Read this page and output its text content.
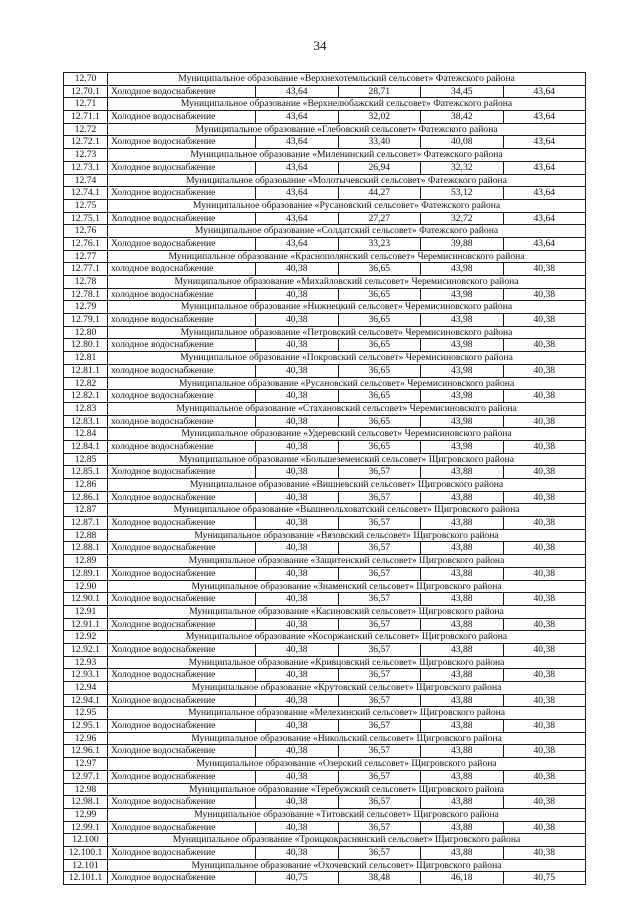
34
12.70	Муниципальное образование «Верхнехотемльский сельсовет» Фатежского района				
12.70.1	Холодное водоснабжение	43,64	28,71	34,45	43,64
12.71	Муниципальное образование «Верхнелюбажский сельсовет» Фатежского района				
12.71.1	Холодное водоснабжение	43,64	32,02	38,42	43,64
12.72	Муниципальное образование «Глебовский сельсовет» Фатежского района				
12.72.1	Холодное водоснабжение	43,64	33,40	40,08	43,64
12.73	Муниципальное образование «Миленинский сельсовет» Фатежского района				
12.73.1	Холодное водоснабжение	43,64	26,94	32,32	43,64
12.74	Муниципальное образование «Молотычевский сельсовет» Фатежского района				
12.74.1	Холодное водоснабжение	43,64	44,27	53,12	43,64
12.75	Муниципальное образование «Русановский сельсовет» Фатежского района				
12.75.1	Холодное водоснабжение	43,64	27,27	32,72	43,64
12.76	Муниципальное образование «Солдатский сельсовет» Фатежского района				
12.76.1	Холодное водоснабжение	43,64	33,23	39,88	43,64
12.77	Муниципальное образование «Краснополянский сельсовет» Черемисиновского района				
12.77.1	холодное водоснабжение	40,38	36,65	43,98	40,38
12.78	Муниципальное образование «Михайловский сельсовет» Черемисиновского района				
12.78.1	холодное водоснабжение	40,38	36,65	43,98	40,38
12.79	Муниципальное образование «Нижнецкий сельсовет» Черемисиновского района				
12.79.1	холодное водоснабжение	40,38	36,65	43,98	40,38
12.80	Муниципальное образование «Петровский сельсовет» Черемисиновского района				
12.80.1	холодное водоснабжение	40,38	36,65	43,98	40,38
12.81	Муниципальное образование «Покровский сельсовет» Черемисиновского района				
12.81.1	холодное водоснабжение	40,38	36,65	43,98	40,38
12.82	Муниципальное образование «Русановский сельсовет» Черемисиновского района				
12.82.1	холодное водоснабжение	40,38	36,65	43,98	40,38
12.83	Муниципальное образование «Стахановский сельсовет» Черемисиновского района				
12.83.1	холодное водоснабжение	40,38	36,65	43,98	40,38
12.84	Муниципальное образование «Удеревский сельсовет» Черемисиновского района				
12.84.1	холодное водоснабжение	40,38	36,65	43,98	40,38
12.85	Муниципальное образование «Большеземенский сельсовет» Щигровского района				
12.85.1	Холодное водоснабжение	40,38	36,57	43,88	40,38
12.86	Муниципальное образование «Вишневский сельсовет» Щигровского района				
12.86.1	Холодное водоснабжение	40,38	36,57	43,88	40,38
12.87	Муниципальное образование «Вышнеольховатский сельсовет» Щигровского района				
12.87.1	Холодное водоснабжение	40,38	36,57	43,88	40,38
12.88	Муниципальное образование «Вязовский сельсовет» Щигровского района				
12.88.1	Холодное водоснабжение	40,38	36,57	43,88	40,38
12.89	Муниципальное образование «Защитенский сельсовет» Щигровского района				
12.89.1	Холодное водоснабжение	40,38	36,57	43,88	40,38
12.90	Муниципальное образование «Знаменский сельсовет» Щигровского района				
12.90.1	Холодное водоснабжение	40,38	36,57	43,88	40,38
12.91	Муниципальное образование «Касиновский сельсовет» Щигровского района				
12.91.1	Холодное водоснабжение	40,38	36,57	43,88	40,38
12.92	Муниципальное образование «Косоржанский сельсовет» Щигровского района				
12.92.1	Холодное водоснабжение	40,38	36,57	43,88	40,38
12.93	Муниципальное образование «Кривцовский сельсовет» Щигровского района				
12.93.1	Холодное водоснабжение	40,38	36,57	43,88	40,38
12.94	Муниципальное образование «Крутовский сельсовет» Щигровского района				
12.94.1	Холодное водоснабжение	40,38	36,57	43,88	40,38
12.95	Муниципальное образование «Мелехинский сельсовет» Щигровского района				
12.95.1	Холодное водоснабжение	40,38	36,57	43,88	40,38
12.96	Муниципальное образование «Никольский сельсовет» Щигровского района				
12.96.1	Холодное водоснабжение	40,38	36,57	43,88	40,38
12.97	Муниципальное образование «Озерский сельсовет» Щигровского района				
12.97.1	Холодное водоснабжение	40,38	36,57	43,88	40,38
12.98	Муниципальное образование «Теребужский сельсовет» Щигровского района				
12.98.1	Холодное водоснабжение	40,38	36,57	43,88	40,38
12.99	Муниципальное образование «Титовский сельсовет» Щигровского района				
12.99.1	Холодное водоснабжение	40,38	36,57	43,88	40,38
12.100	Муниципальное образование «Троицкокраснянский сельсовет» Щигровского района				
12.100.1	Холодное водоснабжение	40,38	36,57	43,88	40,38
12.101	Муниципальное образование «Охочевский сельсовет» Щигровского района				
12.101.1	Холодное водоснабжение	40,75	38,48	46,18	40,75
